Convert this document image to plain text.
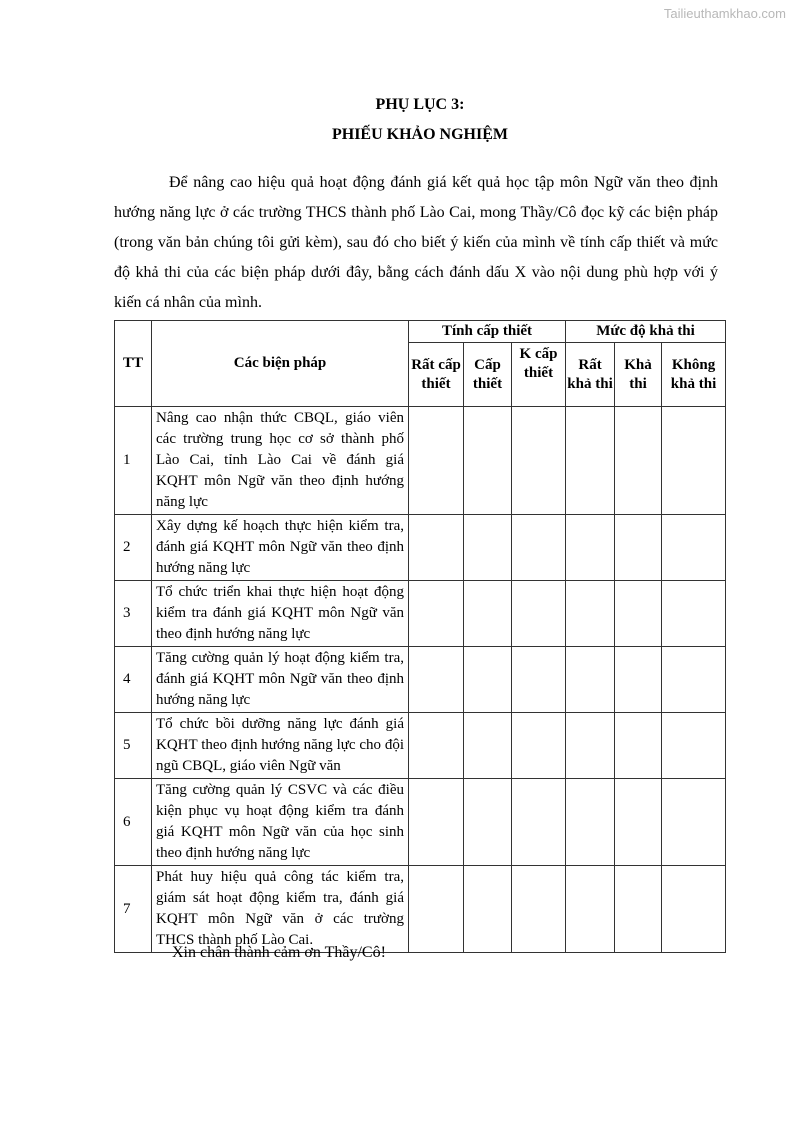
Tailieuthamkhao.com
PHỤ LỤC 3:
PHIẾU KHẢO NGHIỆM
Để nâng cao hiệu quả hoạt động đánh giá kết quả học tập môn Ngữ văn theo định hướng năng lực ở các trường THCS thành phố Lào Cai, mong Thầy/Cô đọc kỹ các biện pháp (trong văn bản chúng tôi gửi kèm), sau đó cho biết ý kiến của mình về tính cấp thiết và mức độ khả thi của các biện pháp dưới đây, bằng cách đánh dấu X vào nội dung phù hợp với ý kiến cá nhân của mình.
TT	Các biện pháp	Tính cấp thiết			Mức độ khả thi		
		Rất cấp thiết	Cấp thiết	K cấp thiết	Rất khả thi	Khả thi	Không khả thi
1	Nâng cao nhận thức CBQL, giáo viên các trường trung học cơ sở thành phố Lào Cai, tỉnh Lào Cai về đánh giá KQHT môn Ngữ văn theo định hướng năng lực						
2	Xây dựng kế hoạch thực hiện kiểm tra, đánh giá KQHT môn Ngữ văn theo định hướng năng lực						
3	Tổ chức triển khai thực hiện hoạt động kiểm tra đánh giá KQHT môn Ngữ văn theo định hướng năng lực						
4	Tăng cường quản lý hoạt động kiểm tra, đánh giá KQHT môn Ngữ văn theo định hướng năng lực						
5	Tổ chức bồi dưỡng năng lực đánh giá KQHT theo định hướng năng lực cho đội ngũ CBQL, giáo viên Ngữ văn						
6	Tăng cường quản lý CSVC và các điều kiện phục vụ hoạt động kiểm tra đánh giá KQHT môn Ngữ văn của học sinh theo định hướng năng lực						
7	Phát huy hiệu quả công tác kiểm tra, giám sát hoạt động kiểm tra, đánh giá KQHT môn Ngữ văn ở các trường THCS thành phố Lào Cai.						
Xin chân thành cảm ơn Thầy/Cô!
